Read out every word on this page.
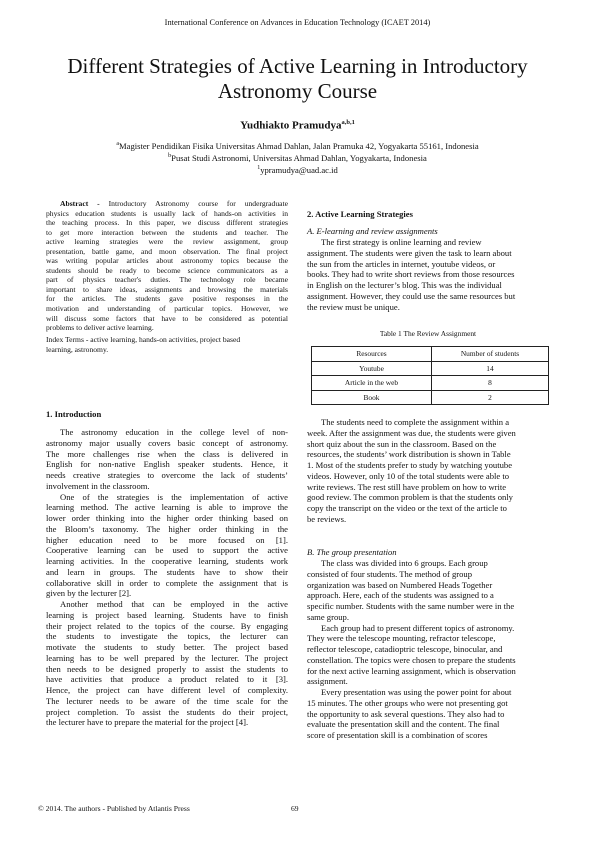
International Conference on Advances in Education Technology (ICAET 2014)
Different Strategies of Active Learning in Introductory
Astronomy Course
Yudhiakto Pramudya$^{a,b,1}$
$^a$Magister Pendidikan Fisika Universitas Ahmad Dahlan, Jalan Pramuka 42, Yogyakarta 55161, Indonesia
$^b$Pusat Studi Astronomi, Universitas Ahmad Dahlan, Yogyakarta, Indonesia
$^1$ypramudya@uad.ac.id
Abstract - Introductory Astronomy course for undergraduate
physics education students is usually lack of hands-on activities in
the teaching process. In this paper, we discuss different strategies
to get more interaction between the students and teacher. The
active learning strategies were the review assignment, group
presentation, battle game, and moon observation. The final project
was writing popular articles about astronomy topics because the
students should be ready to become science communicators as a
part of physics teacher's duties. The technology role became
important to share ideas, assignments and browsing the materials
for the articles. The students gave positive responses in the
motivation and understanding of particular topics. However, we
will discuss some factors that have to be considered as potential
problems to deliver active learning.
Index Terms - active learning, hands-on activities, project based
learning, astronomy.
1. Introduction
The astronomy education in the college level of non-
astronomy major usually covers basic concept of astronomy.
The more challenges rise when the class is delivered in
English for non-native English speaker students. Hence, it
needs creative strategies to overcome the lack of students’
involvement in the classroom.
One of the strategies is the implementation of active
learning method. The active learning is able to improve the
lower order thinking into the higher order thinking based on
the Bloom’s taxonomy. The higher order thinking in the
higher education need to be more focused on [1].
Cooperative learning can be used to support the active
learning activities. In the cooperative learning, students work
and learn in groups. The students have to show their
collaborative skill in order to complete the assignment that is
given by the lecturer [2].
Another method that can be employed in the active
learning is project based learning. Students have to finish
their project related to the topics of the course. By engaging
the students to investigate the topics, the lecturer can
motivate the students to study better. The project based
learning has to be well prepared by the lecturer. The project
then needs to be designed properly to assist the students to
have activities that produce a product related to it [3].
Hence, the project can have different level of complexity.
The lecturer needs to be aware of the time scale for the
project completion. To assist the students do their project,
the lecturer have to prepare the material for the project [4].
2. Active Learning Strategies
A. E-learning and review assignments
The first strategy is online learning and review
assignment. The students were given the task to learn about
the sun from the articles in internet, youtube videos, or
books. They had to write short reviews from those resources
in English on the lecturer’s blog. This was the individual
assignment. However, they could use the same resources but
the review must be unique.
Table 1 The Review Assignment
Resources	Number of students
Youtube	14
Article in the web	8
Book	2
The students need to complete the assignment within a
week. After the assignment was due, the students were given
short quiz about the sun in the classroom. Based on the
resources, the students’ work distribution is shown in Table
1. Most of the students prefer to study by watching youtube
videos. However, only 10 of the total students were able to
write reviews. The rest still have problem on how to write
good review. The common problem is that the students only
copy the transcript on the video or the text of the article to
be reviews.
B. The group presentation
The class was divided into 6 groups. Each group
consisted of four students. The method of group
organization was based on Numbered Heads Together
approach. Here, each of the students was assigned to a
specific number. Students with the same number were in the
same group.
Each group had to present different topics of astronomy.
They were the telescope mounting, refractor telescope,
reflector telescope, catadioptric telescope, binocular, and
constellation. The topics were chosen to prepare the students
for the next active learning assignment, which is observation
assignment.
Every presentation was using the power point for about
15 minutes. The other groups who were not presenting got
the opportunity to ask several questions. They also had to
evaluate the presentation skill and the content. The final
score of presentation skill is a combination of scores
© 2014. The authors - Published by Atlantis Press	69
